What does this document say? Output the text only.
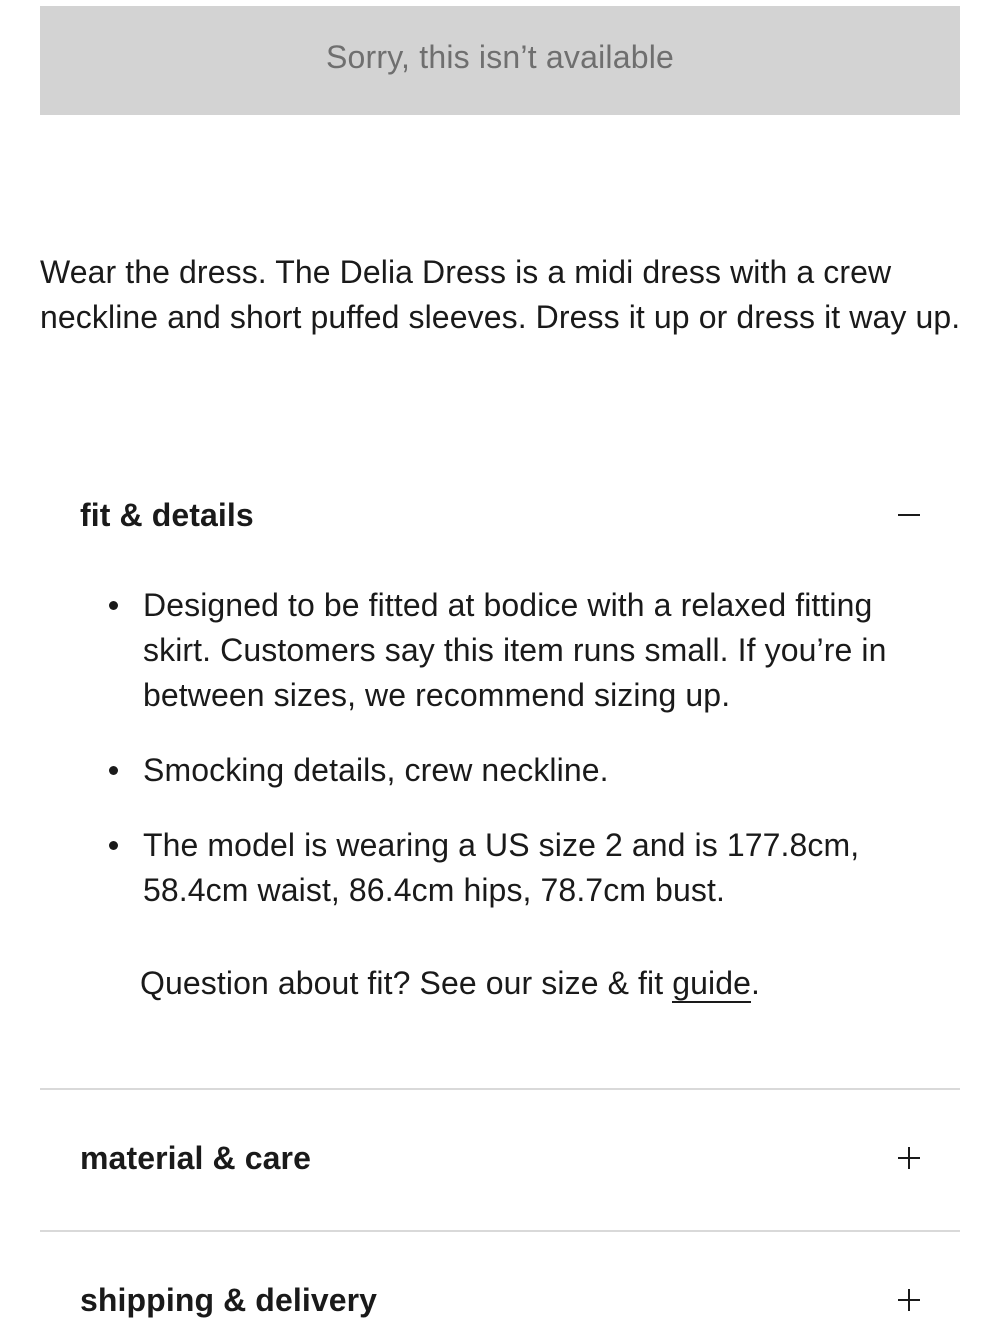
Sorry, this isn’t available

Wear the dress. The Delia Dress is a midi dress with a crew neckline and short puffed sleeves. Dress it up or dress it way up.

fit & details
Designed to be fitted at bodice with a relaxed fitting skirt. Customers say this item runs small. If you’re in between sizes, we recommend sizing up.
Smocking details, crew neckline.
The model is wearing a US size 2 and is 177.8cm, 58.4cm waist, 86.4cm hips, 78.7cm bust.

Question about fit? See our size & fit guide.

material & care
shipping & delivery
